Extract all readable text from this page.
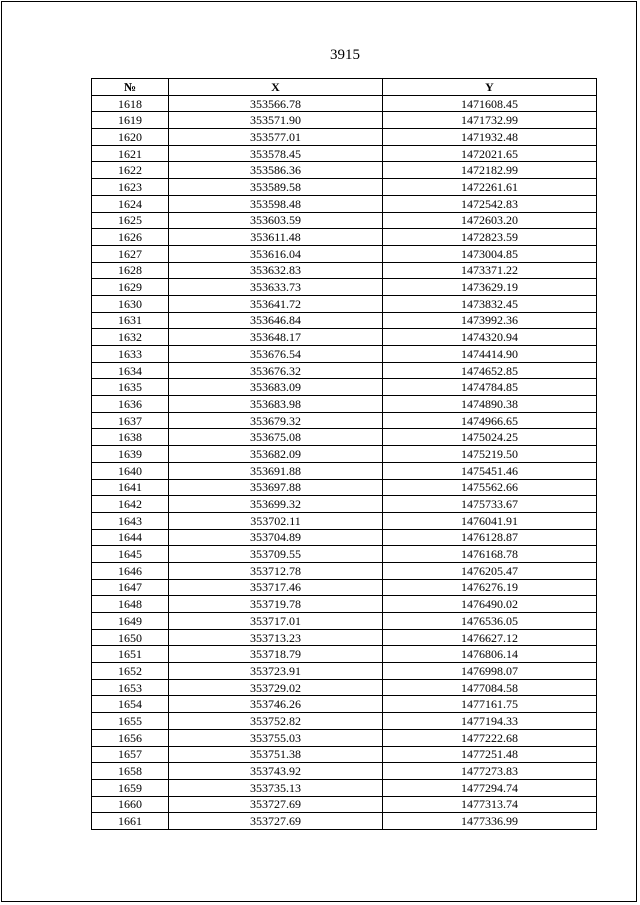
3915
№	X	Y
1618	353566.78	1471608.45
1619	353571.90	1471732.99
1620	353577.01	1471932.48
1621	353578.45	1472021.65
1622	353586.36	1472182.99
1623	353589.58	1472261.61
1624	353598.48	1472542.83
1625	353603.59	1472603.20
1626	353611.48	1472823.59
1627	353616.04	1473004.85
1628	353632.83	1473371.22
1629	353633.73	1473629.19
1630	353641.72	1473832.45
1631	353646.84	1473992.36
1632	353648.17	1474320.94
1633	353676.54	1474414.90
1634	353676.32	1474652.85
1635	353683.09	1474784.85
1636	353683.98	1474890.38
1637	353679.32	1474966.65
1638	353675.08	1475024.25
1639	353682.09	1475219.50
1640	353691.88	1475451.46
1641	353697.88	1475562.66
1642	353699.32	1475733.67
1643	353702.11	1476041.91
1644	353704.89	1476128.87
1645	353709.55	1476168.78
1646	353712.78	1476205.47
1647	353717.46	1476276.19
1648	353719.78	1476490.02
1649	353717.01	1476536.05
1650	353713.23	1476627.12
1651	353718.79	1476806.14
1652	353723.91	1476998.07
1653	353729.02	1477084.58
1654	353746.26	1477161.75
1655	353752.82	1477194.33
1656	353755.03	1477222.68
1657	353751.38	1477251.48
1658	353743.92	1477273.83
1659	353735.13	1477294.74
1660	353727.69	1477313.74
1661	353727.69	1477336.99
